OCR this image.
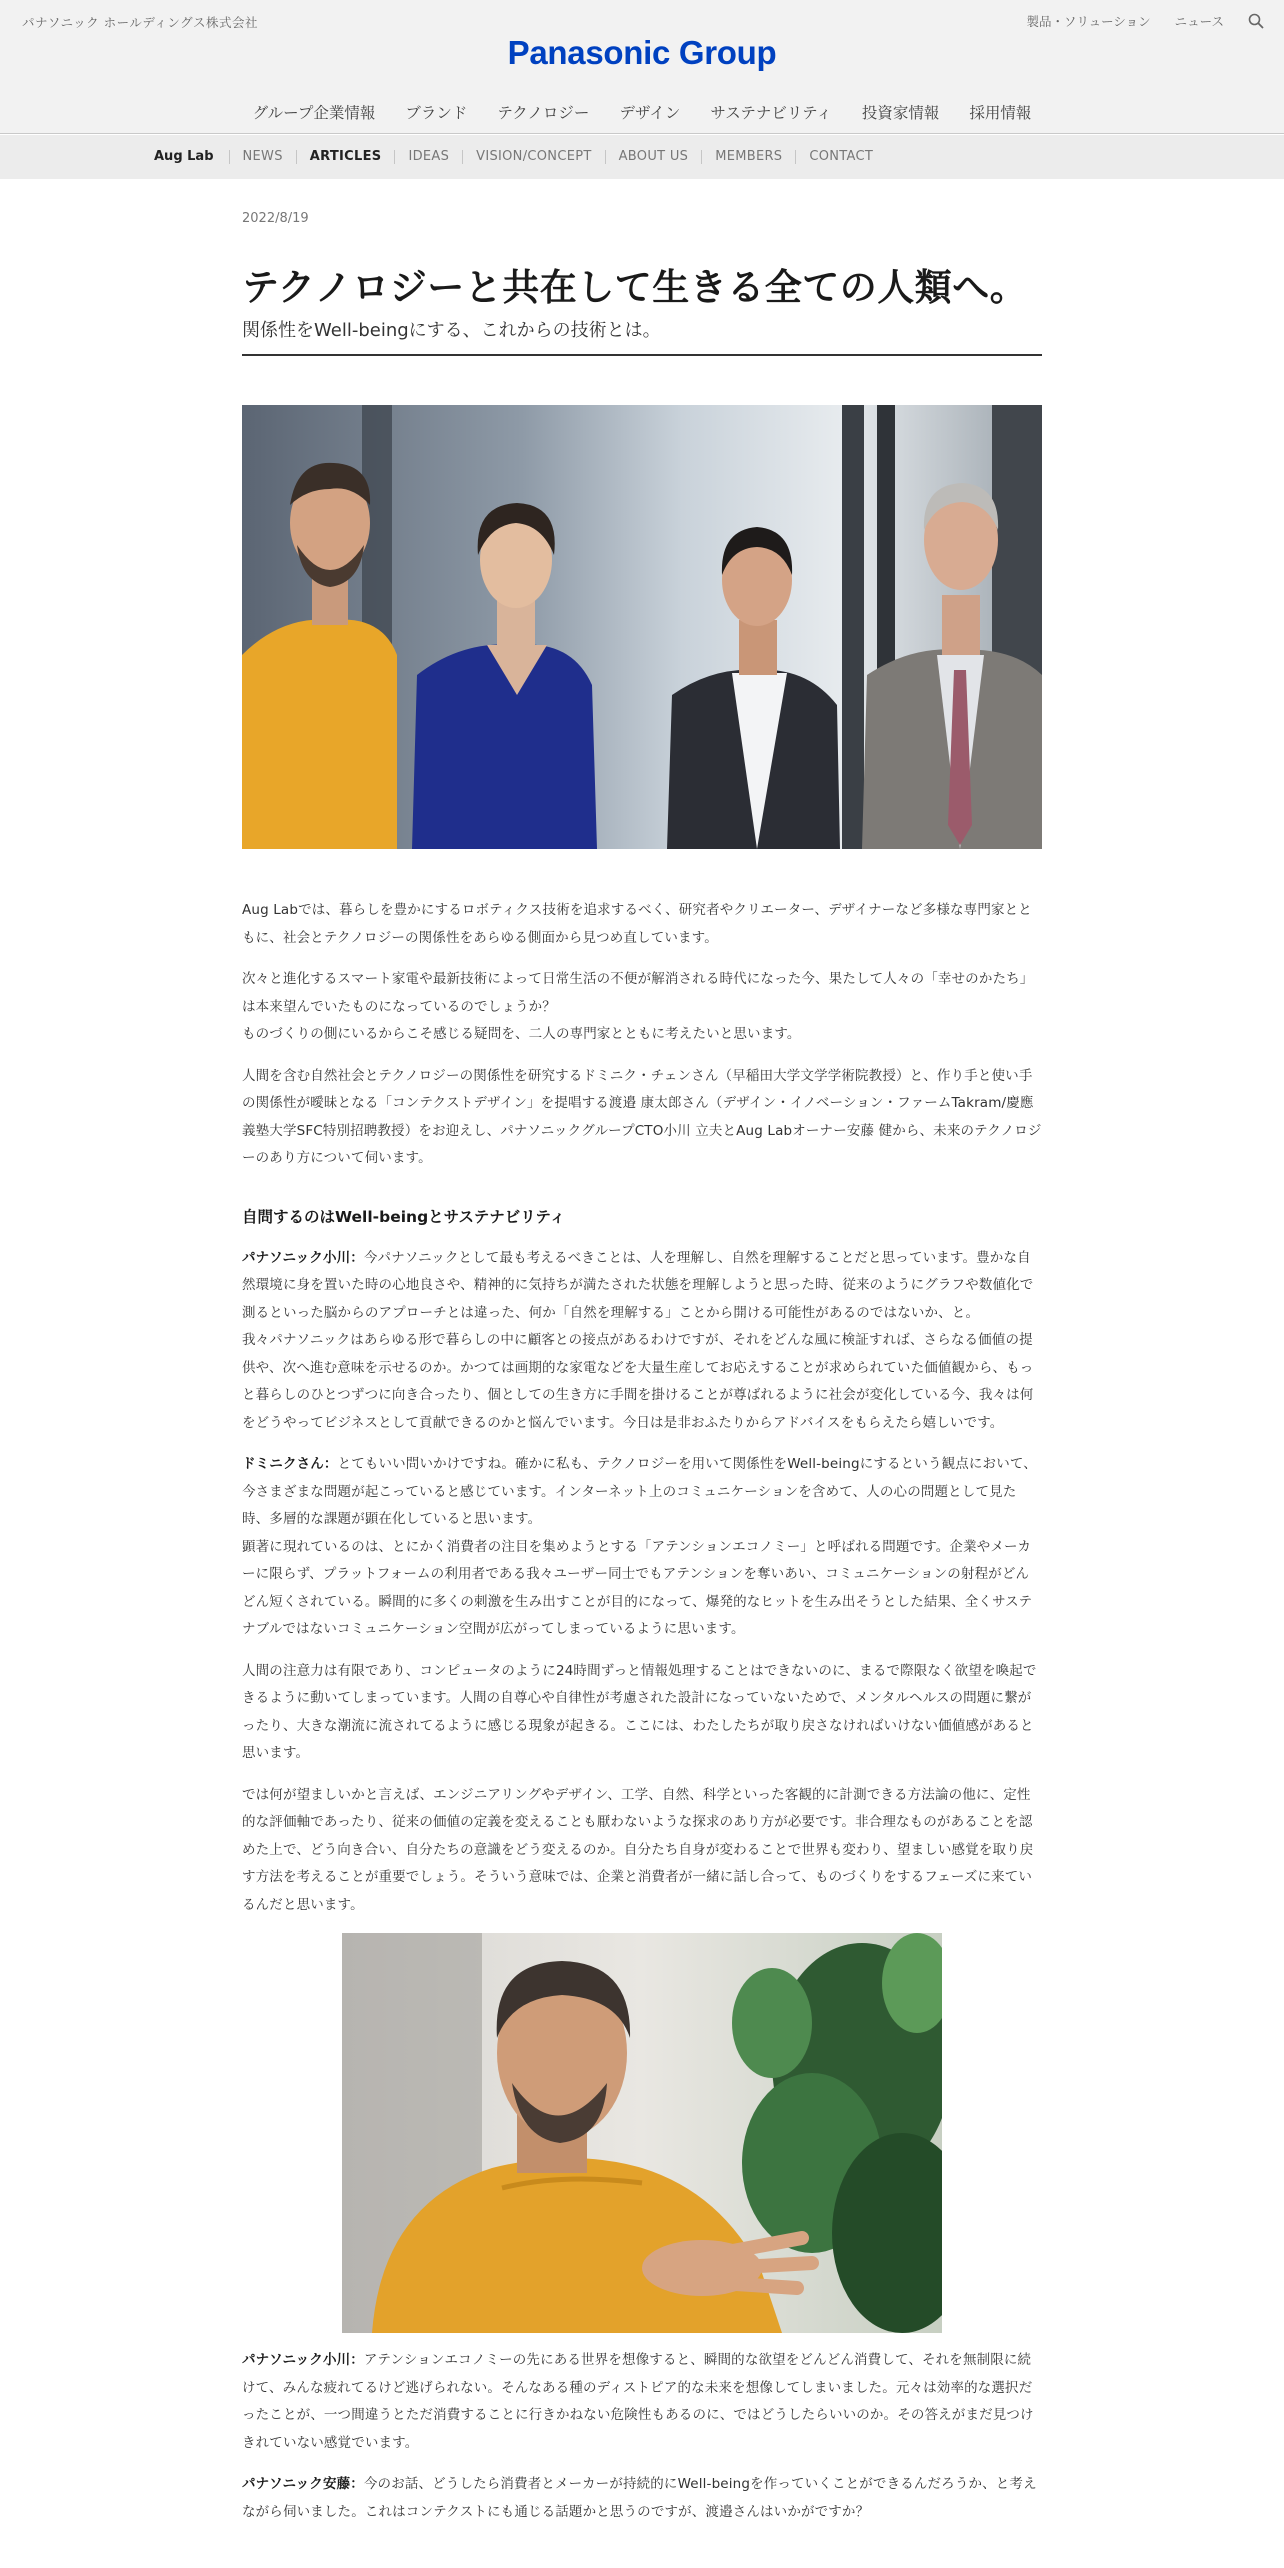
パナソニック ホールディングス株式会社	製品・ソリューション ニュース
Panasonic Group
グループ企業情報 ブランド テクノロジー デザイン サステナビリティ 投資家情報 採用情報
Aug Lab	NEWS	ARTICLES	IDEAS	VISION/CONCEPT	ABOUT US	MEMBERS	CONTACT
2022/8/19
テクノロジーと共在して生きる全ての人類へ。
関係性をWell-beingにする、これからの技術とは。

Aug Labでは、暮らしを豊かにするロボティクス技術を追求するべく、研究者やクリエーター、デザイナーなど多様な専門家とともに、社会とテクノロジーの関係性をあらゆる側面から見つめ直しています。

次々と進化するスマート家電や最新技術によって日常生活の不便が解消される時代になった今、果たして人々の「幸せのかたち」は本来望んでいたものになっているのでしょうか？
ものづくりの側にいるからこそ感じる疑問を、二人の専門家とともに考えたいと思います。

人間を含む自然社会とテクノロジーの関係性を研究するドミニク・チェンさん（早稲田大学文学学術院教授）と、作り手と使い手の関係性が曖昧となる「コンテクストデザイン」を提唱する渡邉 康太郎さん（デザイン・イノベーション・ファームTakram/慶應義塾大学SFC特別招聘教授）をお迎えし、パナソニックグループCTO小川 立夫とAug Labオーナー安藤 健から、未来のテクノロジーのあり方について伺います。

自問するのはWell-beingとサステナビリティ

パナソニック小川：今パナソニックとして最も考えるべきことは、人を理解し、自然を理解することだと思っています。豊かな自然環境に身を置いた時の心地良さや、精神的に気持ちが満たされた状態を理解しようと思った時、従来のようにグラフや数値化で測るといった脳からのアプローチとは違った、何か「自然を理解する」ことから開ける可能性があるのではないか、と。
我々パナソニックはあらゆる形で暮らしの中に顧客との接点があるわけですが、それをどんな風に検証すれば、さらなる価値の提供や、次へ進む意味を示せるのか。かつては画期的な家電などを大量生産してお応えすることが求められていた価値観から、もっと暮らしのひとつずつに向き合ったり、個としての生き方に手間を掛けることが尊ばれるように社会が変化している今、我々は何をどうやってビジネスとして貢献できるのかと悩んでいます。今日は是非おふたりからアドバイスをもらえたら嬉しいです。

ドミニクさん：とてもいい問いかけですね。確かに私も、テクノロジーを用いて関係性をWell-beingにするという観点において、今さまざまな問題が起こっていると感じています。インターネット上のコミュニケーションを含めて、人の心の問題として見た時、多層的な課題が顕在化していると思います。
顕著に現れているのは、とにかく消費者の注目を集めようとする「アテンションエコノミー」と呼ばれる問題です。企業やメーカーに限らず、プラットフォームの利用者である我々ユーザー同士でもアテンションを奪いあい、コミュニケーションの射程がどんどん短くされている。瞬間的に多くの刺激を生み出すことが目的になって、爆発的なヒットを生み出そうとした結果、全くサステナブルではないコミュニケーション空間が広がってしまっているように思います。

人間の注意力は有限であり、コンピュータのように24時間ずっと情報処理することはできないのに、まるで際限なく欲望を喚起できるように動いてしまっています。人間の自尊心や自律性が考慮された設計になっていないためで、メンタルヘルスの問題に繋がったり、大きな潮流に流されてるように感じる現象が起きる。ここには、わたしたちが取り戻さなければいけない価値感があると思います。

では何が望ましいかと言えば、エンジニアリングやデザイン、工学、自然、科学といった客観的に計測できる方法論の他に、定性的な評価軸であったり、従来の価値の定義を変えることも厭わないような探求のあり方が必要です。非合理なものがあることを認めた上で、どう向き合い、自分たちの意識をどう変えるのか。自分たち自身が変わることで世界も変わり、望ましい感覚を取り戻す方法を考えることが重要でしょう。そういう意味では、企業と消費者が一緒に話し合って、ものづくりをするフェーズに来ているんだと思います。

パナソニック小川：アテンションエコノミーの先にある世界を想像すると、瞬間的な欲望をどんどん消費して、それを無制限に続けて、みんな疲れてるけど逃げられない。そんなある種のディストピア的な未来を想像してしまいました。元々は効率的な選択だったことが、一つ間違うとただ消費することに行きかねない危険性もあるのに、ではどうしたらいいのか。その答えがまだ見つけきれていない感覚でいます。

パナソニック安藤：今のお話、どうしたら消費者とメーカーが持続的にWell-beingを作っていくことができるんだろうか、と考えながら伺いました。これはコンテクストにも通じる話題かと思うのですが、渡邉さんはいかがですか？
